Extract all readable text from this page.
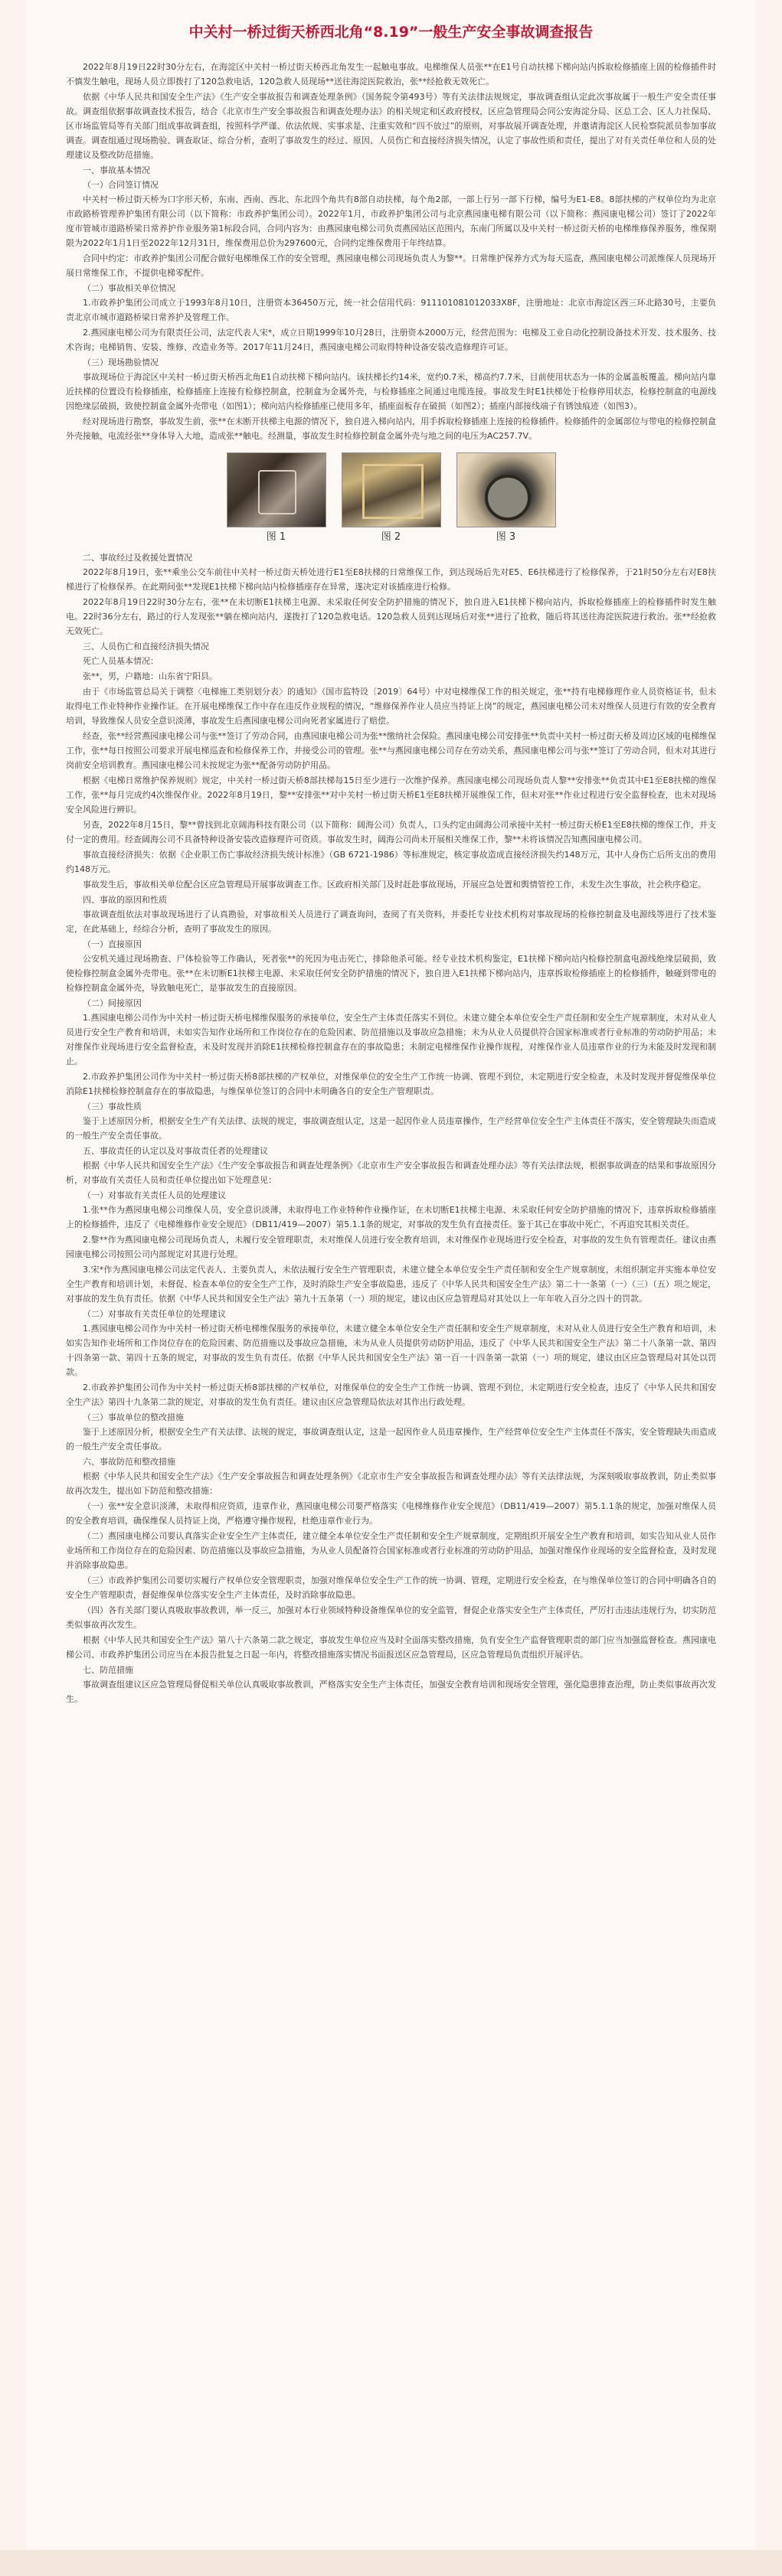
中关村一桥过街天桥西北角“8.19”一般生产安全事故调查报告

2022年8月19日22时30分左右，在海淀区中关村一桥过街天桥西北角发生一起触电事故。电梯维保人员张**在E1号自动扶梯下梯向站内拆取检修插座上固的检修插件时不慎发生触电，现场人员立即拨打了120急救电话，120急救人员现场**送往海淀医院救治，张**经抢救无效死亡。

依据《中华人民共和国安全生产法》《生产安全事故报告和调查处理条例》（国务院令第493号）等有关法律法规规定，事故调查组认定此次事故属于一般生产安全责任事故。调查组依据事故调查技术报告，结合《北京市生产安全事故报告和调查处理办法》的相关规定和区政府授权，区应急管理局会同公安海淀分局、区总工会、区人力社保局、区市场监管局等有关部门组成事故调查组，按照科学严谨、依法依规、实事求是、注重实效和“四不放过”的原则，对事故展开调查处理，并邀请海淀区人民检察院派员参加事故调查。调查组通过现场勘验、调查取证、综合分析，查明了事故发生的经过、原因、人员伤亡和直接经济损失情况，认定了事故性质和责任，提出了对有关责任单位和人员的处理建议及整改防范措施。

一、事故基本情况

（一）合同签订情况

中关村一桥过街天桥为口字形天桥，东南、西南、西北、东北四个角共有8部自动扶梯，每个角2部，一部上行另一部下行梯，编号为E1-E8。8部扶梯的产权单位均为北京市政路桥管理养护集团有限公司（以下简称：市政养护集团公司）。2022年1月，市政养护集团公司与北京燕园康电梯有限公司（以下简称：燕园康电梯公司）签订了2022年度市管城市道路桥梁日常养护作业服务第1标段合同，合同内容为：由燕园康电梯公司负责燕园站区范围内，东南门所属以及中关村一桥过街天桥的电梯维修保养服务，维保期限为2022年1月1日至2022年12月31日，维保费用总价为297600元，合同约定维保费用于年终结算。

合同中约定：市政养护集团公司配合做好电梯维保工作的安全管理，燕园康电梯公司现场负责人为黎**。日常维护保养方式为每天巡查，燕园康电梯公司派维保人员现场开展日常维保工作，不提供电梯零配件。

（二）事故相关单位情况

1.市政养护集团公司成立于1993年8月10日，注册资本36450万元，统一社会信用代码：911101081012033X8F，注册地址：北京市海淀区西三环北路30号，主要负责北京市城市道路桥梁日常养护及管理工作。

2.燕园康电梯公司为有限责任公司，法定代表人宋*，成立日期1999年10月28日，注册资本2000万元，经营范围为：电梯及工业自动化控制设备技术开发、技术服务、技术咨询；电梯销售、安装、维修、改造业务等。2017年11月24日，燕园康电梯公司取得特种设备安装改造修理许可证。

（三）现场勘验情况

事故现场位于海淀区中关村一桥过街天桥西北角E1自动扶梯下梯向站内。该扶梯长约14米，宽约0.7米，梯高约7.7米，目前使用状态为一体的金属盖板覆盖。梯向站内靠近扶梯的位置设有检修插座，检修插座上连接有检修控制盒，控制盒为金属外壳，与检修插座之间通过电缆连接。事故发生时E1扶梯处于检修停用状态，检修控制盒的电源线因绝缘层破损，致使控制盒金属外壳带电（如图1）；梯向站内检修插座已使用多年，插座面板存在破损（如图2）；插座内部接线端子有锈蚀痕迹（如图3）。

经对现场进行勘察，事故发生前，张**在未断开扶梯主电源的情况下，独自进入梯向站内，用手拆取检修插座上连接的检修插件。检修插件的金属部位与带电的检修控制盒外壳接触，电流经张**身体导入大地，造成张**触电。经测量，事故发生时检修控制盒金属外壳与地之间的电压为AC257.7V。

图 1	图 2	图 3

二、事故经过及救援处置情况

2022年8月19日，张**乘坐公交车前往中关村一桥过街天桥处进行E1至E8扶梯的日常维保工作，到达现场后先对E5、E6扶梯进行了检修保养，于21时50分左右对E8扶梯进行了检修保养。在此期间张**发现E1扶梯下梯向站内检修插座存在异常，遂决定对该插座进行检修。

2022年8月19日22时30分左右，张**在未切断E1扶梯主电源、未采取任何安全防护措施的情况下，独自进入E1扶梯下梯向站内，拆取检修插座上的检修插件时发生触电。22时36分左右，路过的行人发现张**躺在梯向站内，遂拨打了120急救电话。120急救人员到达现场后对张**进行了抢救，随后将其送往海淀医院进行救治。张**经抢救无效死亡。

三、人员伤亡和直接经济损失情况

死亡人员基本情况：

张**，男，户籍地：山东省宁阳县。

由于《市场监管总局关于调整〈电梯施工类别划分表〉的通知》（国市监特设〔2019〕64号）中对电梯维保工作的相关规定，张**持有电梯修理作业人员资格证书，但未取得电工作业特种作业操作证。在开展电梯维保工作中存在违反作业规程的情况，“维修保养作业人员应当持证上岗”的规定，燕园康电梯公司未对维保人员进行有效的安全教育培训，导致维保人员安全意识淡薄，事故发生后燕园康电梯公司向死者家属进行了赔偿。

经查，张**经营燕园康电梯公司与张**签订了劳动合同，由燕园康电梯公司为张**缴纳社会保险。燕园康电梯公司安排张**负责中关村一桥过街天桥及周边区域的电梯维保工作，张**每日按照公司要求开展电梯巡查和检修保养工作，并接受公司的管理。张**与燕园康电梯公司存在劳动关系，燕园康电梯公司与张**签订了劳动合同，但未对其进行岗前安全培训教育。燕园康电梯公司未按规定为张**配备劳动防护用品。

根据《电梯日常维护保养规则》规定，中关村一桥过街天桥8部扶梯每15日至少进行一次维护保养。燕园康电梯公司现场负责人黎**安排张**负责其中E1至E8扶梯的维保工作，张**每月完成约4次维保作业。2022年8月19日，黎**安排张**对中关村一桥过街天桥E1至E8扶梯开展维保工作，但未对张**作业过程进行安全监督检查，也未对现场安全风险进行辨识。

另查，2022年8月15日，黎**曾找到北京阔海科技有限公司（以下简称：阔海公司）负责人，口头约定由阔海公司承接中关村一桥过街天桥E1至E8扶梯的维保工作，并支付一定的费用。经查阔海公司不具备特种设备安装改造修理许可资质。事故发生时，阔海公司尚未开展相关维保工作，黎**未将该情况告知燕园康电梯公司。

事故直接经济损失：依据《企业职工伤亡事故经济损失统计标准》（GB 6721-1986）等标准规定，核定事故造成直接经济损失约148万元，其中人身伤亡后所支出的费用约148万元。

事故发生后，事故相关单位配合区应急管理局开展事故调查工作。区政府相关部门及时赶赴事故现场，开展应急处置和舆情管控工作，未发生次生事故，社会秩序稳定。

四、事故的原因和性质

事故调查组依法对事故现场进行了认真勘验，对事故相关人员进行了调查询问，查阅了有关资料，并委托专业技术机构对事故现场的检修控制盒及电源线等进行了技术鉴定，在此基础上，经综合分析，查明了事故发生的原因。

（一）直接原因

公安机关通过现场勘查、尸体检验等工作确认，死者张**的死因为电击死亡，排除他杀可能。经专业技术机构鉴定，E1扶梯下梯向站内检修控制盒电源线绝缘层破损，致使检修控制盒金属外壳带电。张**在未切断E1扶梯主电源、未采取任何安全防护措施的情况下，独自进入E1扶梯下梯向站内，违章拆取检修插座上的检修插件，触碰到带电的检修控制盒金属外壳，导致触电死亡，是事故发生的直接原因。

（二）间接原因

1.燕园康电梯公司作为中关村一桥过街天桥电梯维保服务的承接单位，安全生产主体责任落实不到位。未建立健全本单位安全生产责任制和安全生产规章制度，未对从业人员进行安全生产教育和培训，未如实告知作业场所和工作岗位存在的危险因素、防范措施以及事故应急措施；未为从业人员提供符合国家标准或者行业标准的劳动防护用品；未对维保作业现场进行安全监督检查，未及时发现并消除E1扶梯检修控制盒存在的事故隐患；未制定电梯维保作业操作规程，对维保作业人员违章作业的行为未能及时发现和制止。

2.市政养护集团公司作为中关村一桥过街天桥8部扶梯的产权单位，对维保单位的安全生产工作统一协调、管理不到位，未定期进行安全检查，未及时发现并督促维保单位消除E1扶梯检修控制盒存在的事故隐患，与维保单位签订的合同中未明确各自的安全生产管理职责。

（三）事故性质

鉴于上述原因分析，根据安全生产有关法律、法规的规定，事故调查组认定，这是一起因作业人员违章操作，生产经营单位安全生产主体责任不落实，安全管理缺失而造成的一般生产安全责任事故。

五、事故责任的认定以及对事故责任者的处理建议

根据《中华人民共和国安全生产法》《生产安全事故报告和调查处理条例》《北京市生产安全事故报告和调查处理办法》等有关法律法规，根据事故调查的结果和事故原因分析，对事故有关责任人员和责任单位提出如下处理意见：

（一）对事故有关责任人员的处理建议

1.张**作为燕园康电梯公司维保人员，安全意识淡薄，未取得电工作业特种作业操作证，在未切断E1扶梯主电源、未采取任何安全防护措施的情况下，违章拆取检修插座上的检修插件，违反了《电梯维修作业安全规范》（DB11/419—2007）第5.1.1条的规定，对事故的发生负有直接责任。鉴于其已在事故中死亡，不再追究其相关责任。

2.黎**作为燕园康电梯公司现场负责人，未履行安全管理职责，未对维保人员进行安全教育培训，未对维保作业现场进行安全检查，对事故的发生负有管理责任。建议由燕园康电梯公司按照公司内部规定对其进行处理。

3.宋*作为燕园康电梯公司法定代表人、主要负责人，未依法履行安全生产管理职责，未建立健全本单位安全生产责任制和安全生产规章制度，未组织制定并实施本单位安全生产教育和培训计划，未督促、检查本单位的安全生产工作，及时消除生产安全事故隐患，违反了《中华人民共和国安全生产法》第二十一条第（一）（三）（五）项之规定，对事故的发生负有责任。依据《中华人民共和国安全生产法》第九十五条第（一）项的规定，建议由区应急管理局对其处以上一年年收入百分之四十的罚款。

（二）对事故有关责任单位的处理建议

1.燕园康电梯公司作为中关村一桥过街天桥电梯维保服务的承接单位，未建立健全本单位安全生产责任制和安全生产规章制度，未对从业人员进行安全生产教育和培训，未如实告知作业场所和工作岗位存在的危险因素、防范措施以及事故应急措施，未为从业人员提供劳动防护用品，违反了《中华人民共和国安全生产法》第二十八条第一款、第四十四条第一款、第四十五条的规定，对事故的发生负有责任。依据《中华人民共和国安全生产法》第一百一十四条第一款第（一）项的规定，建议由区应急管理局对其处以罚款。

2.市政养护集团公司作为中关村一桥过街天桥8部扶梯的产权单位，对维保单位的安全生产工作统一协调、管理不到位，未定期进行安全检查，违反了《中华人民共和国安全生产法》第四十九条第二款的规定，对事故的发生负有责任。建议由区应急管理局依法对其作出行政处理。

（三）事故单位的整改措施

鉴于上述原因分析，根据安全生产有关法律、法规的规定，事故调查组认定，这是一起因作业人员违章操作，生产经营单位安全生产主体责任不落实，安全管理缺失而造成的一般生产安全责任事故。

六、事故防范和整改措施

根据《中华人民共和国安全生产法》《生产安全事故报告和调查处理条例》《北京市生产安全事故报告和调查处理办法》等有关法律法规，为深刻吸取事故教训，防止类似事故再次发生，提出如下防范和整改措施：

（一）张**安全意识淡薄，未取得相应资质，违章作业，燕园康电梯公司要严格落实《电梯维修作业安全规范》（DB11/419—2007）第5.1.1条的规定，加强对维保人员的安全教育培训，确保维保人员持证上岗，严格遵守操作规程，杜绝违章作业行为。

（二）燕园康电梯公司要认真落实企业安全生产主体责任，建立健全本单位安全生产责任制和安全生产规章制度，定期组织开展安全生产教育和培训，如实告知从业人员作业场所和工作岗位存在的危险因素、防范措施以及事故应急措施，为从业人员配备符合国家标准或者行业标准的劳动防护用品，加强对维保作业现场的安全监督检查，及时发现并消除事故隐患。

（三）市政养护集团公司要切实履行产权单位安全管理职责，加强对维保单位安全生产工作的统一协调、管理，定期进行安全检查，在与维保单位签订的合同中明确各自的安全生产管理职责，督促维保单位落实安全生产主体责任，及时消除事故隐患。

（四）各有关部门要认真吸取事故教训，举一反三，加强对本行业领域特种设备维保单位的安全监管，督促企业落实安全生产主体责任，严厉打击违法违规行为，切实防范类似事故再次发生。

根据《中华人民共和国安全生产法》第八十六条第二款之规定，事故发生单位应当及时全面落实整改措施，负有安全生产监督管理职责的部门应当加强监督检查。燕园康电梯公司、市政养护集团公司应当在本报告批复之日起一年内，将整改措施落实情况书面报送区应急管理局，区应急管理局负责组织开展评估。

七、防范措施

事故调查组建议区应急管理局督促相关单位认真吸取事故教训，严格落实安全生产主体责任，加强安全教育培训和现场安全管理，强化隐患排查治理，防止类似事故再次发生。
